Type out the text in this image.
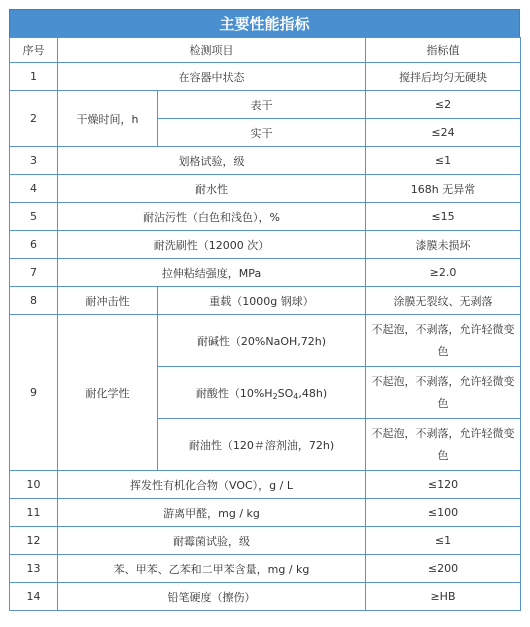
主要性能指标
序号	检测项目		指标值
1	在容器中状态		搅拌后均匀无硬块
2	干燥时间，h	表干	≤2
		实干	≤24
3	划格试验，级		≤1
4	耐水性		168h 无异常
5	耐沾污性（白色和浅色），%		≤15
6	耐洗刷性（12000 次）		漆膜未损坏
7	拉伸粘结强度，MPa		≥2.0
8	耐冲击性	重载（1000g 钢球）	涂膜无裂纹、无剥落
9	耐化学性	耐碱性（20%NaOH,72h)	不起泡，不剥落，允许轻微变色
		耐酸性$(10\%H_2SO_4,48h)$	不起泡，不剥落，允许轻微变色
		耐油性（120＃溶剂油，72h)	不起泡，不剥落，允许轻微变色
10	挥发性有机化合物（VOC），g / L		≤120
11	游离甲醛，mg / kg		≤100
12	耐霉菌试验，级		≤1
13	苯、甲苯、乙苯和二甲苯含量，mg / kg		≤200
14	铅笔硬度（擦伤）		≥HB
